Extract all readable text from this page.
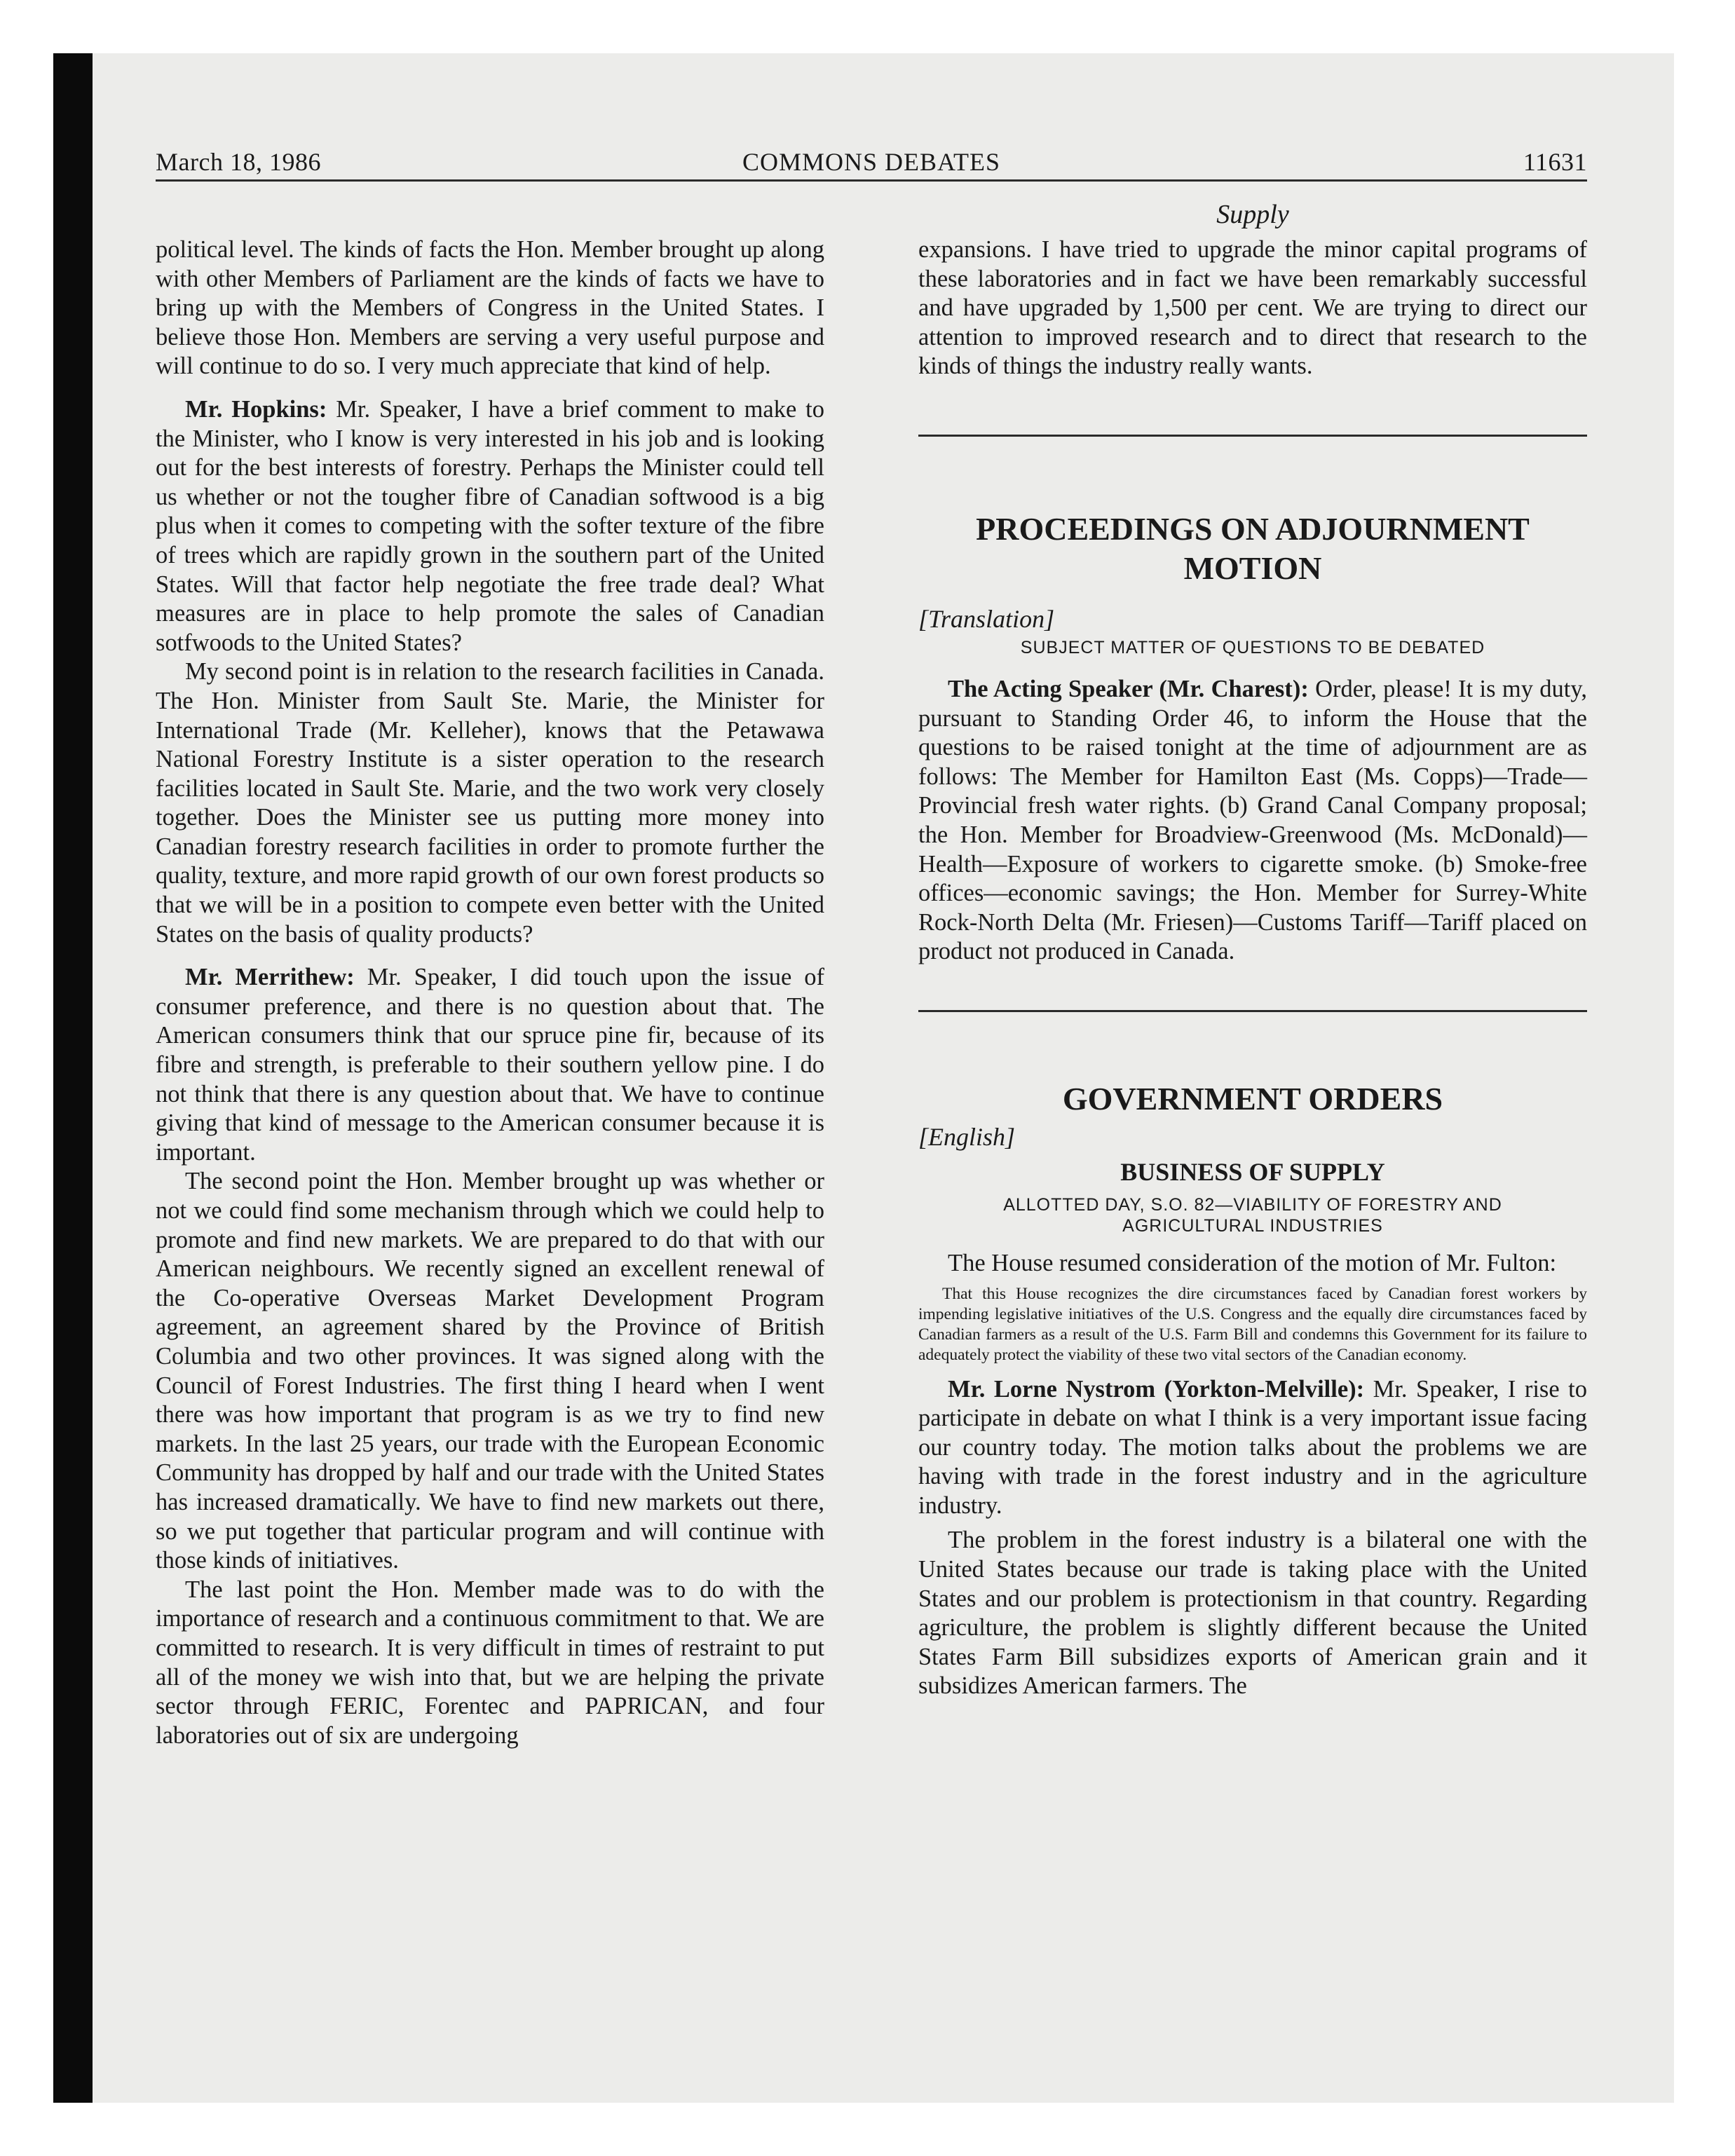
March 18, 1986	COMMONS DEBATES	11631
Supply

political level. The kinds of facts the Hon. Member brought up along with other Members of Parliament are the kinds of facts we have to bring up with the Members of Congress in the United States. I believe those Hon. Members are serving a very useful purpose and will continue to do so. I very much appreciate that kind of help.

Mr. Hopkins: Mr. Speaker, I have a brief comment to make to the Minister, who I know is very interested in his job and is looking out for the best interests of forestry. Perhaps the Minister could tell us whether or not the tougher fibre of Canadian softwood is a big plus when it comes to competing with the softer texture of the fibre of trees which are rapidly grown in the southern part of the United States. Will that factor help negotiate the free trade deal? What measures are in place to help promote the sales of Canadian sotfwoods to the United States?

My second point is in relation to the research facilities in Canada. The Hon. Minister from Sault Ste. Marie, the Minister for International Trade (Mr. Kelleher), knows that the Petawawa National Forestry Institute is a sister operation to the research facilities located in Sault Ste. Marie, and the two work very closely together. Does the Minister see us putting more money into Canadian forestry research facilities in order to promote further the quality, texture, and more rapid growth of our own forest products so that we will be in a position to compete even better with the United States on the basis of quality products?

Mr. Merrithew: Mr. Speaker, I did touch upon the issue of consumer preference, and there is no question about that. The American consumers think that our spruce pine fir, because of its fibre and strength, is preferable to their southern yellow pine. I do not think that there is any question about that. We have to continue giving that kind of message to the American consumer because it is important.

The second point the Hon. Member brought up was whether or not we could find some mechanism through which we could help to promote and find new markets. We are prepared to do that with our American neighbours. We recently signed an excellent renewal of the Co-operative Overseas Market Development Program agreement, an agreement shared by the Province of British Columbia and two other provinces. It was signed along with the Council of Forest Industries. The first thing I heard when I went there was how important that program is as we try to find new markets. In the last 25 years, our trade with the European Economic Community has dropped by half and our trade with the United States has increased dramatically. We have to find new markets out there, so we put together that particular program and will continue with those kinds of initiatives.

The last point the Hon. Member made was to do with the importance of research and a continuous commitment to that. We are committed to research. It is very difficult in times of restraint to put all of the money we wish into that, but we are helping the private sector through FERIC, Forentec and PAPRICAN, and four laboratories out of six are undergoing

expansions. I have tried to upgrade the minor capital programs of these laboratories and in fact we have been remarkably successful and have upgraded by 1,500 per cent. We are trying to direct our attention to improved research and to direct that research to the kinds of things the industry really wants.

PROCEEDINGS ON ADJOURNMENT MOTION
[Translation]
SUBJECT MATTER OF QUESTIONS TO BE DEBATED

The Acting Speaker (Mr. Charest): Order, please! It is my duty, pursuant to Standing Order 46, to inform the House that the questions to be raised tonight at the time of adjournment are as follows: The Member for Hamilton East (Ms. Copps)—Trade—Provincial fresh water rights. (b) Grand Canal Company proposal; the Hon. Member for Broadview-Greenwood (Ms. McDonald)—Health—Exposure of workers to cigarette smoke. (b) Smoke-free offices—economic savings; the Hon. Member for Surrey-White Rock-North Delta (Mr. Friesen)—Customs Tariff—Tariff placed on product not produced in Canada.

GOVERNMENT ORDERS
[English]
BUSINESS OF SUPPLY
ALLOTTED DAY, S.O. 82—VIABILITY OF FORESTRY AND AGRICULTURAL INDUSTRIES

The House resumed consideration of the motion of Mr. Fulton:

That this House recognizes the dire circumstances faced by Canadian forest workers by impending legislative initiatives of the U.S. Congress and the equally dire circumstances faced by Canadian farmers as a result of the U.S. Farm Bill and condemns this Government for its failure to adequately protect the viability of these two vital sectors of the Canadian economy.

Mr. Lorne Nystrom (Yorkton-Melville): Mr. Speaker, I rise to participate in debate on what I think is a very important issue facing our country today. The motion talks about the problems we are having with trade in the forest industry and in the agriculture industry.

The problem in the forest industry is a bilateral one with the United States because our trade is taking place with the United States and our problem is protectionism in that country. Regarding agriculture, the problem is slightly different because the United States Farm Bill subsidizes exports of American grain and it subsidizes American farmers. The
